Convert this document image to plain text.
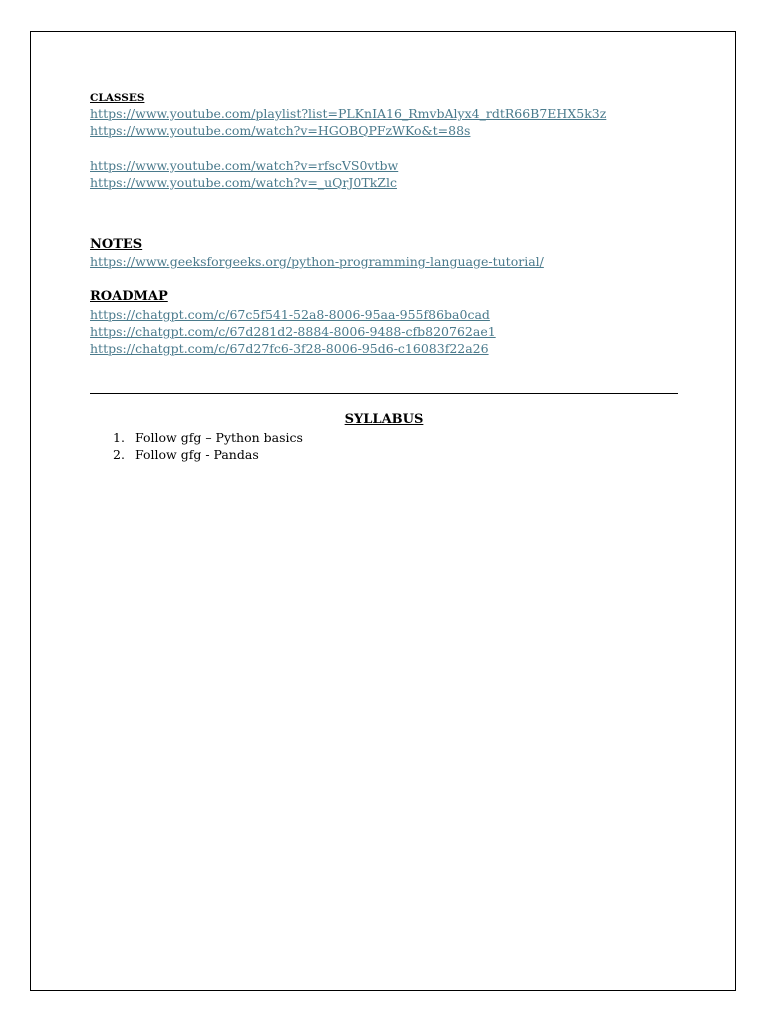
CLASSES
https://www.youtube.com/playlist?list=PLKnIA16_RmvbAlyx4_rdtR66B7EHX5k3z
https://www.youtube.com/watch?v=HGOBQPFzWKo&t=88s
https://www.youtube.com/watch?v=rfscVS0vtbw
https://www.youtube.com/watch?v=_uQrJ0TkZlc
NOTES
https://www.geeksforgeeks.org/python-programming-language-tutorial/
ROADMAP
https://chatgpt.com/c/67c5f541-52a8-8006-95aa-955f86ba0cad
https://chatgpt.com/c/67d281d2-8884-8006-9488-cfb820762ae1
https://chatgpt.com/c/67d27fc6-3f28-8006-95d6-c16083f22a26
SYLLABUS
1. Follow gfg – Python basics
2. Follow gfg - Pandas
